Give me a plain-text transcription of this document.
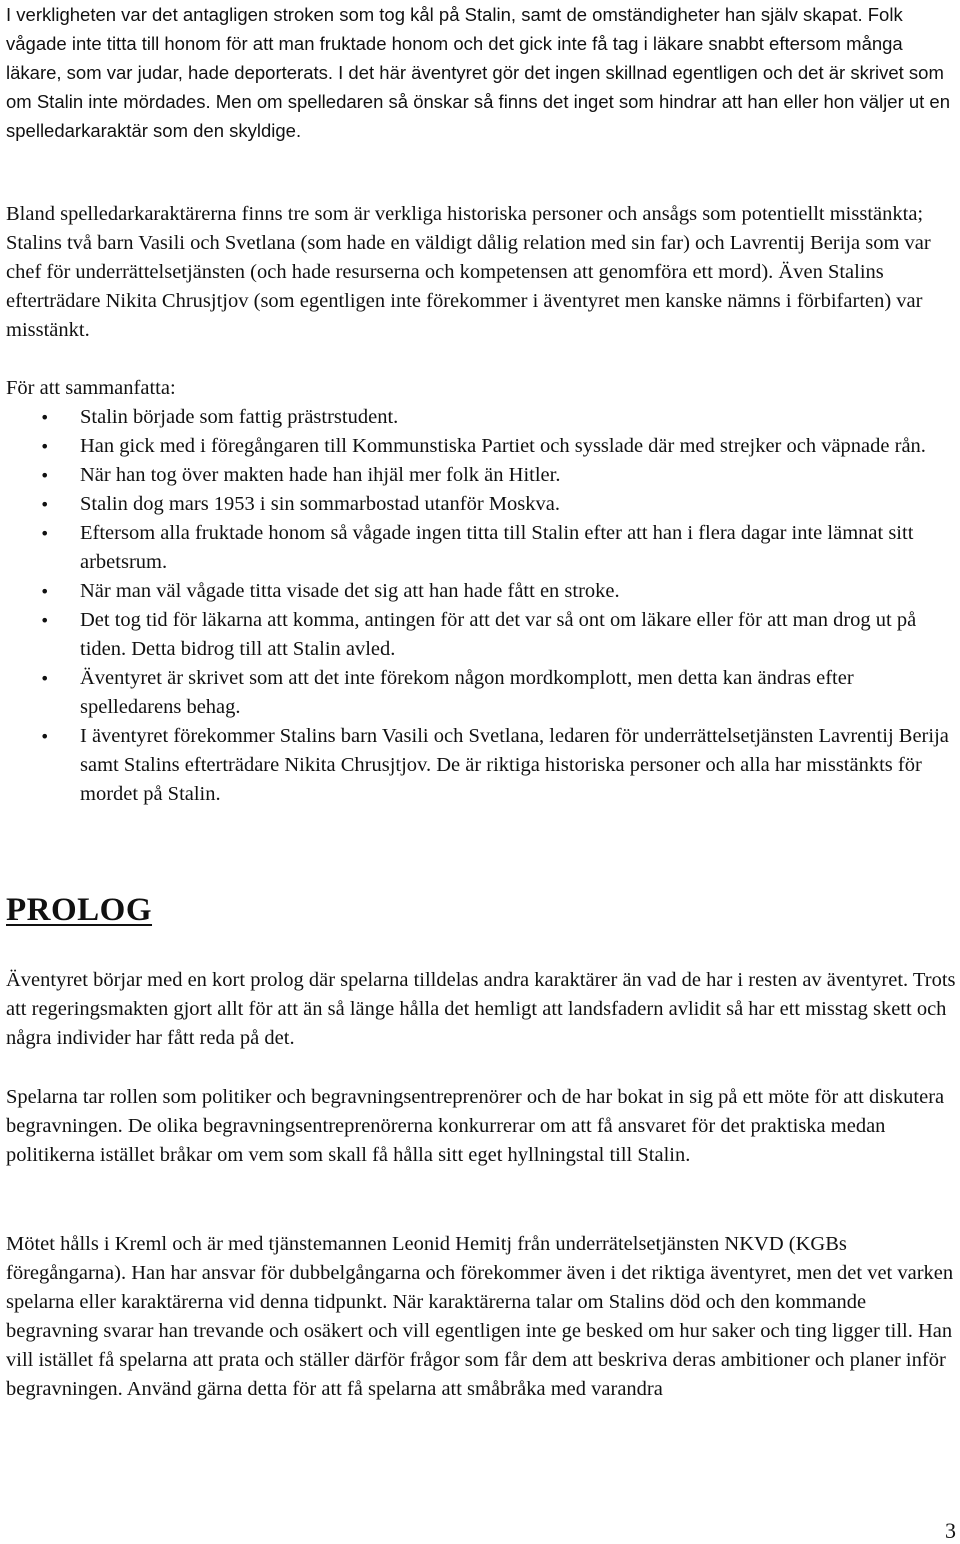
I verkligheten var det antagligen stroken som tog kål på Stalin, samt de omständigheter han själv skapat. Folk vågade inte titta till honom för att man fruktade honom och det gick inte få tag i läkare snabbt eftersom många läkare, som var judar, hade deporterats. I det här äventyret gör det ingen skillnad egentligen och det är skrivet som om Stalin inte mördades. Men om spelledaren så önskar så finns det inget som hindrar att han eller hon väljer ut en spelledarkaraktär som den skyldige.

Bland spelledarkaraktärerna finns tre som är verkliga historiska personer och ansågs som potentiellt misstänkta; Stalins två barn Vasili och Svetlana (som hade en väldigt dålig relation med sin far) och Lavrentij Berija som var chef för underrättelsetjänsten (och hade resurserna och kompetensen att genomföra ett mord). Även Stalins efterträdare Nikita Chrusjtjov (som egentligen inte förekommer i äventyret men kanske nämns i förbifarten) var misstänkt.

För att sammanfatta:

• Stalin började som fattig prästrstudent.
• Han gick med i föregångaren till Kommunstiska Partiet och sysslade där med strejker och väpnade rån.
• När han tog över makten hade han ihjäl mer folk än Hitler.
• Stalin dog mars 1953 i sin sommarbostad utanför Moskva.
• Eftersom alla fruktade honom så vågade ingen titta till Stalin efter att han i flera dagar inte lämnat sitt arbetsrum.
• När man väl vågade titta visade det sig att han hade fått en stroke.
• Det tog tid för läkarna att komma, antingen för att det var så ont om läkare eller för att man drog ut på tiden. Detta bidrog till att Stalin avled.
• Äventyret är skrivet som att det inte förekom någon mordkomplott, men detta kan ändras efter spelledarens behag.
• I äventyret förekommer Stalins barn Vasili och Svetlana, ledaren för underrättelsetjänsten Lavrentij Berija samt Stalins efterträdare Nikita Chrusjtjov. De är riktiga historiska personer och alla har misstänkts för mordet på Stalin.
PROLOG

Äventyret börjar med en kort prolog där spelarna tilldelas andra karaktärer än vad de har i resten av äventyret. Trots att regeringsmakten gjort allt för att än så länge hålla det hemligt att landsfadern avlidit så har ett misstag skett och några individer har fått reda på det.

Spelarna tar rollen som politiker och begravningsentreprenörer och de har bokat in sig på ett möte för att diskutera begravningen. De olika begravningsentreprenörerna konkurrerar om att få ansvaret för det praktiska medan politikerna istället bråkar om vem som skall få hålla sitt eget hyllningstal till Stalin.

Mötet hålls i Kreml och är med tjänstemannen Leonid Hemitj från underrätelsetjänsten NKVD (KGBs föregångarna). Han har ansvar för dubbelgångarna och förekommer även i det riktiga äventyret, men det vet varken spelarna eller karaktärerna vid denna tidpunkt. När karaktärerna talar om Stalins död och den kommande begravning svarar han trevande och osäkert och vill egentligen inte ge besked om hur saker och ting ligger till. Han vill istället få spelarna att prata och ställer därför frågor som får dem att beskriva deras ambitioner och planer inför begravningen. Använd gärna detta för att få spelarna att småbråka med varandra

3
